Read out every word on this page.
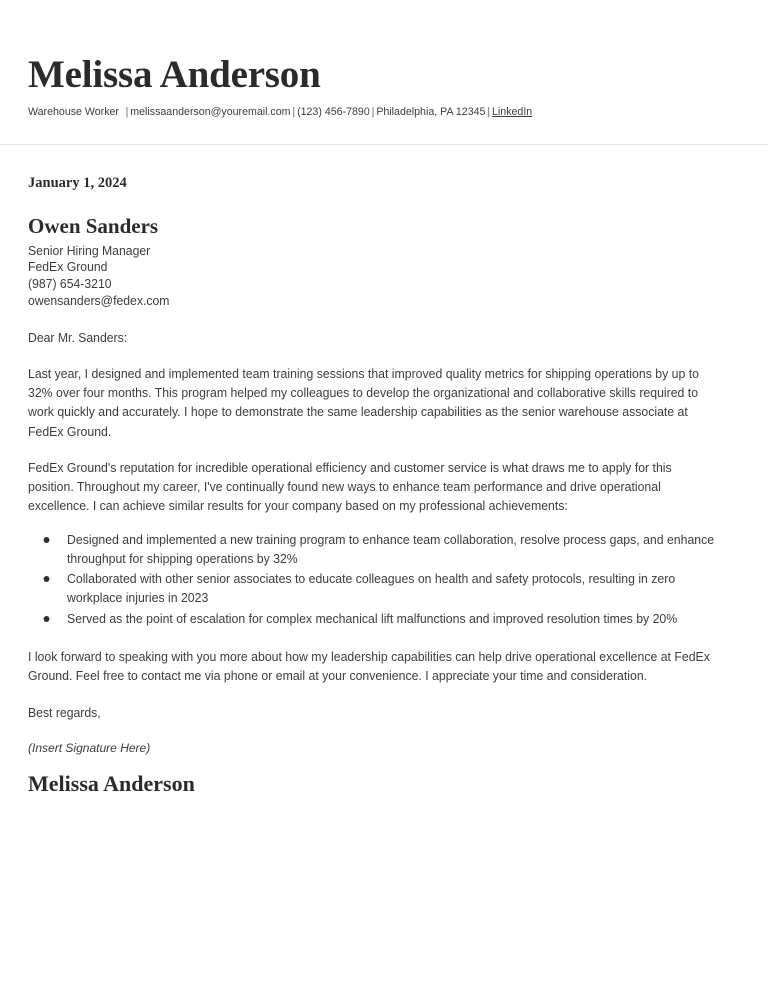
Melissa Anderson
Warehouse Worker | melissaanderson@youremail.com | (123) 456-7890 | Philadelphia, PA 12345 | LinkedIn
January 1, 2024
Owen Sanders
Senior Hiring Manager
FedEx Ground
(987) 654-3210
owensanders@fedex.com
Dear Mr. Sanders:

Last year, I designed and implemented team training sessions that improved quality metrics for shipping operations by up to 32% over four months. This program helped my colleagues to develop the organizational and collaborative skills required to work quickly and accurately. I hope to demonstrate the same leadership capabilities as the senior warehouse associate at FedEx Ground.

FedEx Ground's reputation for incredible operational efficiency and customer service is what draws me to apply for this position. Throughout my career, I've continually found new ways to enhance team performance and drive operational excellence. I can achieve similar results for your company based on my professional achievements:

Designed and implemented a new training program to enhance team collaboration, resolve process gaps, and enhance throughput for shipping operations by 32%
Collaborated with other senior associates to educate colleagues on health and safety protocols, resulting in zero workplace injuries in 2023
Served as the point of escalation for complex mechanical lift malfunctions and improved resolution times by 20%

I look forward to speaking with you more about how my leadership capabilities can help drive operational excellence at FedEx Ground. Feel free to contact me via phone or email at your convenience. I appreciate your time and consideration.

Best regards,
(Insert Signature Here)
Melissa Anderson
